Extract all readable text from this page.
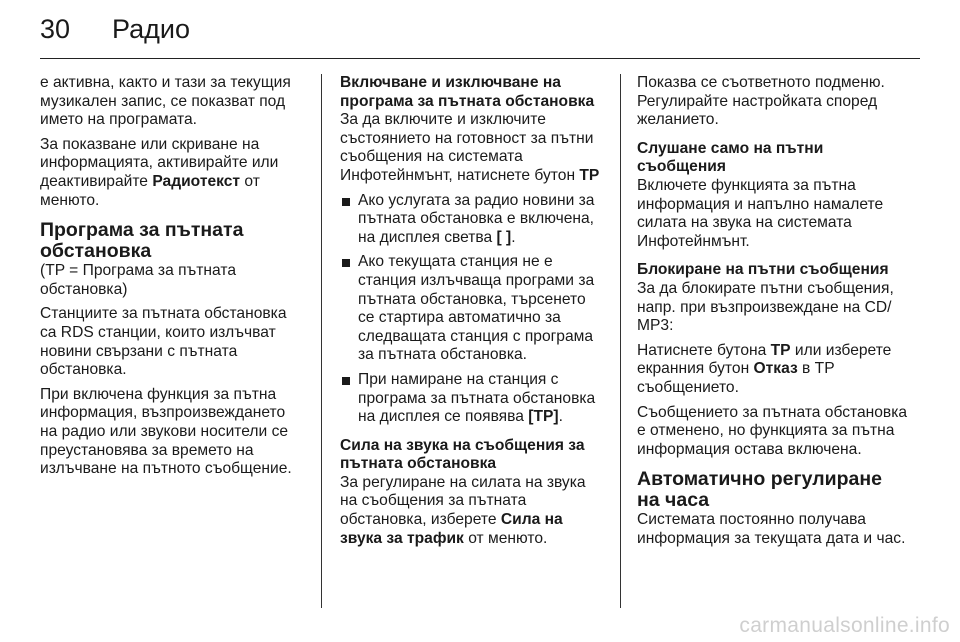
30	Радио

е активна, както и тази за текущия музикален запис, се показват под името на програмата.

За показване или скриване на информацията, активирайте или деактивирайте Радиотекст от менюто.

Програма за пътната обстановка

(TP = Програма за пътната обстановка)

Станциите за пътната обстановка са RDS станции, които излъчват новини свързани с пътната обстановка.

При включена функция за пътна информация, възпроизвеждането на радио или звукови носители се преустановява за времето на излъчване на пътното съобщение.

Включване и изключване на програма за пътната обстановка

За да включите и изключите състоянието на готовност за пътни съобщения на системата Инфотейнмънт, натиснете бутон TP

Ако услугата за радио новини за пътната обстановка е включена, на дисплея светва [ ].
Ако текущата станция не е станция излъчваща програми за пътната обстановка, търсенето се стартира автоматично за следващата станция с програма за пътната обстановка.
При намиране на станция с програма за пътната обстановка на дисплея се появява [TP].
Сила на звука на съобщения за пътната обстановка

За регулиране на силата на звука на съобщения за пътната обстановка, изберете Сила на звука за трафик от менюто.

Показва се съответното подменю. Регулирайте настройката според желанието.

Слушане само на пътни съобщения

Включете функцията за пътна информация и напълно намалете силата на звука на системата Инфотейнмънт.

Блокиране на пътни съобщения

За да блокирате пътни съобщения, напр. при възпроизвеждане на CD/ MP3:

Натиснете бутона TP или изберете екранния бутон Отказ в TP съобщението.

Съобщението за пътната обстановка е отменено, но функцията за пътна информация остава включена.

Автоматично регулиране на часа

Системата постоянно получава информация за текущата дата и час.

carmanualsonline.info
